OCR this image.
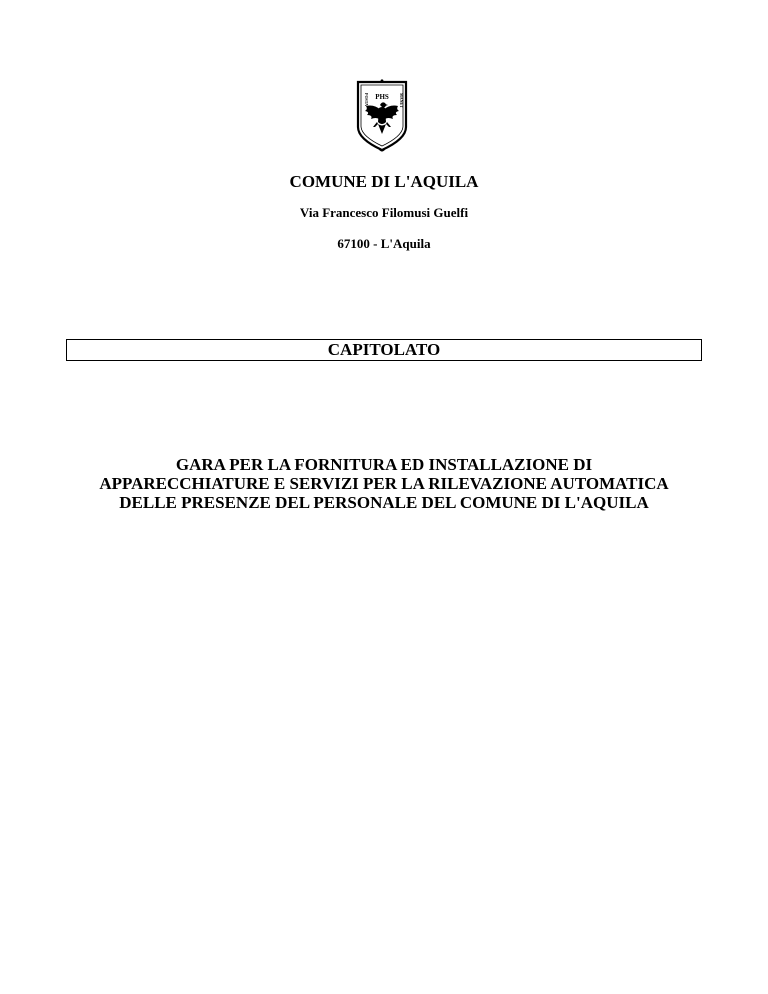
POSTA	MANET
PHS
COMUNE DI L'AQUILA
Via Francesco Filomusi Guelfi
67100 - L'Aquila
CAPITOLATO
GARA PER LA FORNITURA ED INSTALLAZIONE DI
APPARECCHIATURE E SERVIZI PER LA RILEVAZIONE AUTOMATICA
DELLE PRESENZE DEL PERSONALE DEL COMUNE DI L'AQUILA
